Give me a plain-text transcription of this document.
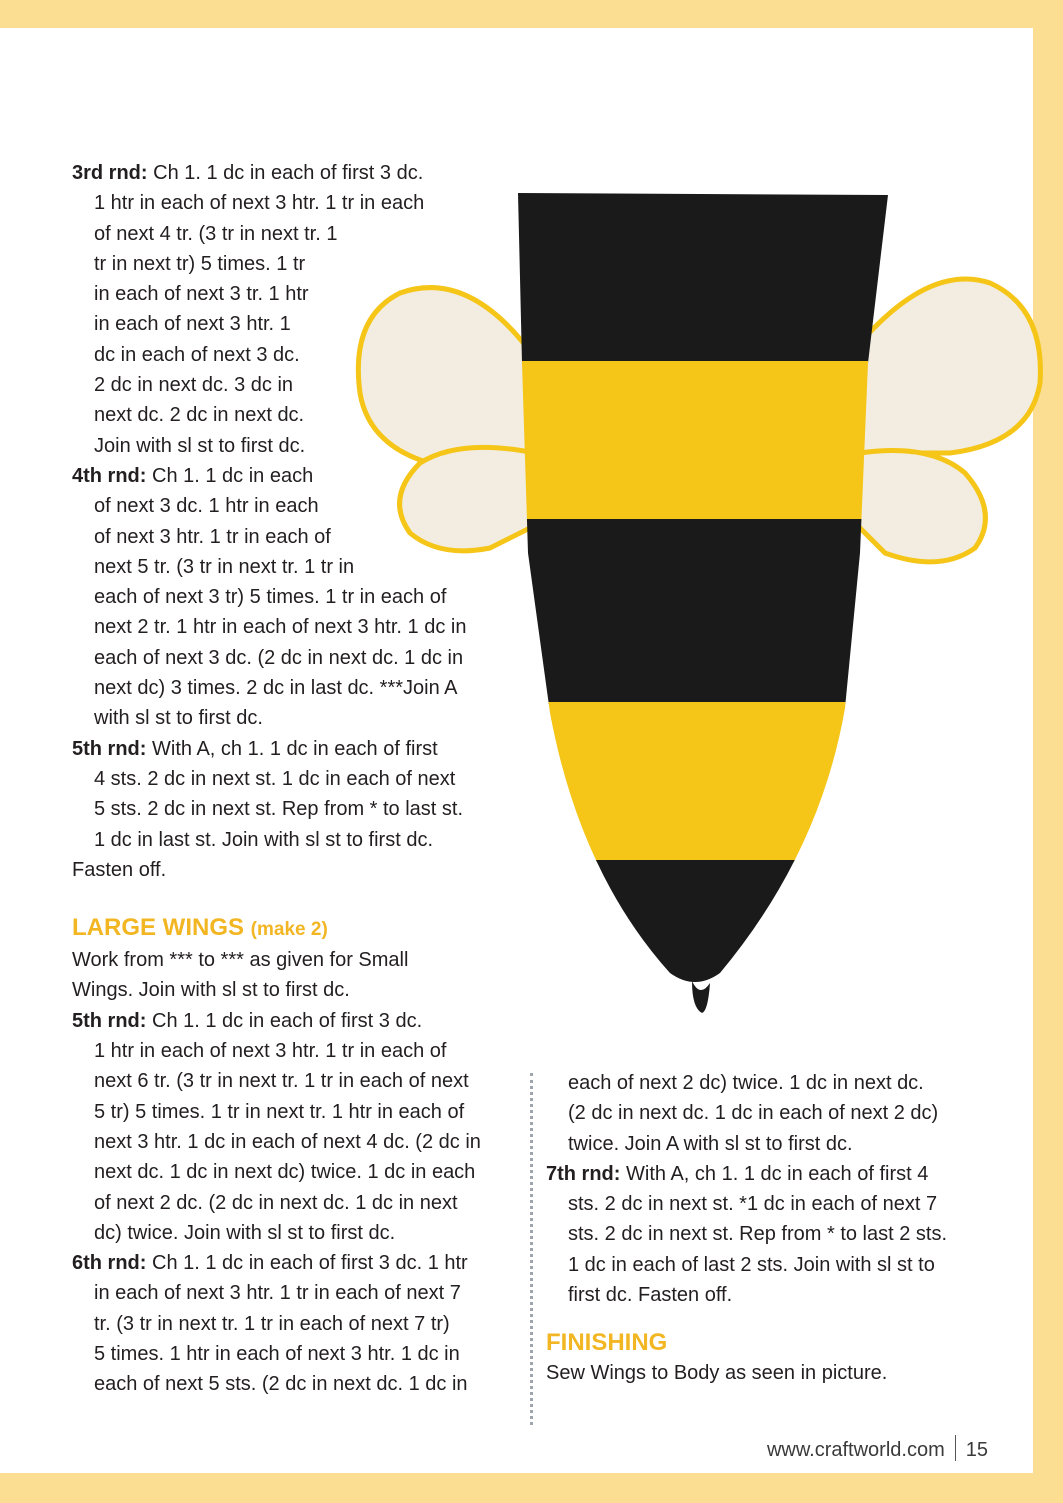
3rd rnd: Ch 1. 1 dc in each of first 3 dc.

1 htr in each of next 3 htr. 1 tr in each

of next 4 tr. (3 tr in next tr. 1

tr in next tr) 5 times. 1 tr

in each of next 3 tr. 1 htr

in each of next 3 htr. 1

dc in each of next 3 dc.

2 dc in next dc. 3 dc in

next dc. 2 dc in next dc.

Join with sl st to first dc.

4th rnd: Ch 1. 1 dc in each

of next 3 dc. 1 htr in each

of next 3 htr. 1 tr in each of

next 5 tr. (3 tr in next tr. 1 tr in

each of next 3 tr) 5 times. 1 tr in each of

next 2 tr. 1 htr in each of next 3 htr. 1 dc in

each of next 3 dc. (2 dc in next dc. 1 dc in

next dc) 3 times. 2 dc in last dc. ***Join A

with sl st to first dc.

5th rnd: With A, ch 1. 1 dc in each of first

4 sts. 2 dc in next st. 1 dc in each of next

5 sts. 2 dc in next st. Rep from * to last st.

1 dc in last st. Join with sl st to first dc.

Fasten off.

LARGE WINGS (make 2)

Work from *** to *** as given for Small

Wings. Join with sl st to first dc.

5th rnd: Ch 1. 1 dc in each of first 3 dc.

1 htr in each of next 3 htr. 1 tr in each of

next 6 tr. (3 tr in next tr. 1 tr in each of next

5 tr) 5 times. 1 tr in next tr. 1 htr in each of

next 3 htr. 1 dc in each of next 4 dc. (2 dc in

next dc. 1 dc in next dc) twice. 1 dc in each

of next 2 dc. (2 dc in next dc. 1 dc in next

dc) twice. Join with sl st to first dc.

6th rnd: Ch 1. 1 dc in each of first 3 dc. 1 htr

in each of next 3 htr. 1 tr in each of next 7

tr. (3 tr in next tr. 1 tr in each of next 7 tr)

5 times. 1 htr in each of next 3 htr. 1 dc in

each of next 5 sts. (2 dc in next dc. 1 dc in

each of next 2 dc) twice. 1 dc in next dc.

(2 dc in next dc. 1 dc in each of next 2 dc)

twice. Join A with sl st to first dc.

7th rnd: With A, ch 1. 1 dc in each of first 4

sts. 2 dc in next st. *1 dc in each of next 7

sts. 2 dc in next st. Rep from * to last 2 sts.

1 dc in each of last 2 sts. Join with sl st to

first dc. Fasten off.

FINISHING

Sew Wings to Body as seen in picture.

www.craftworld.com 15
